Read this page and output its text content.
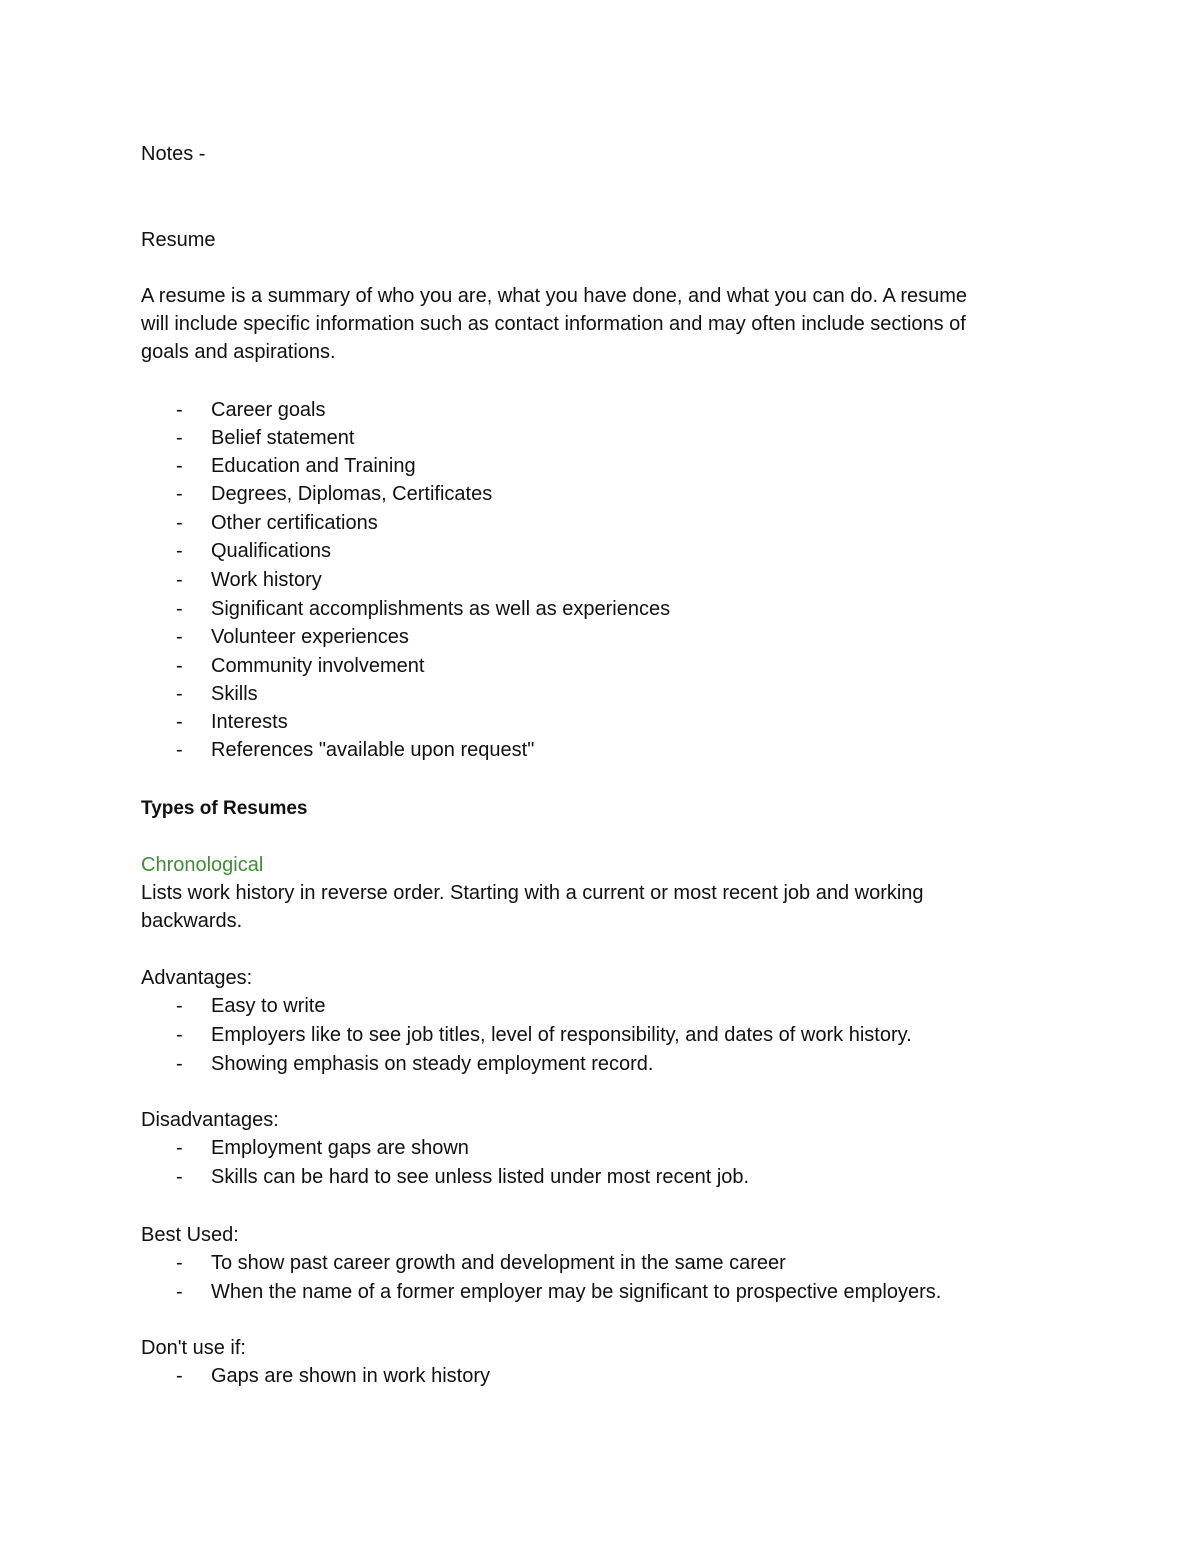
Notes -
Resume
A resume is a summary of who you are, what you have done, and what you can do. A resume
will include specific information such as contact information and may often include sections of
goals and aspirations.
- Career goals
- Belief statement
- Education and Training
- Degrees, Diplomas, Certificates
- Other certifications
- Qualifications
- Work history
- Significant accomplishments as well as experiences
- Volunteer experiences
- Community involvement
- Skills
- Interests
- References "available upon request"
Types of Resumes
Chronological
Lists work history in reverse order. Starting with a current or most recent job and working
backwards.
Advantages:
- Easy to write
- Employers like to see job titles, level of responsibility, and dates of work history.
- Showing emphasis on steady employment record.
Disadvantages:
- Employment gaps are shown
- Skills can be hard to see unless listed under most recent job.
Best Used:
- To show past career growth and development in the same career
- When the name of a former employer may be significant to prospective employers.
Don't use if:
- Gaps are shown in work history
